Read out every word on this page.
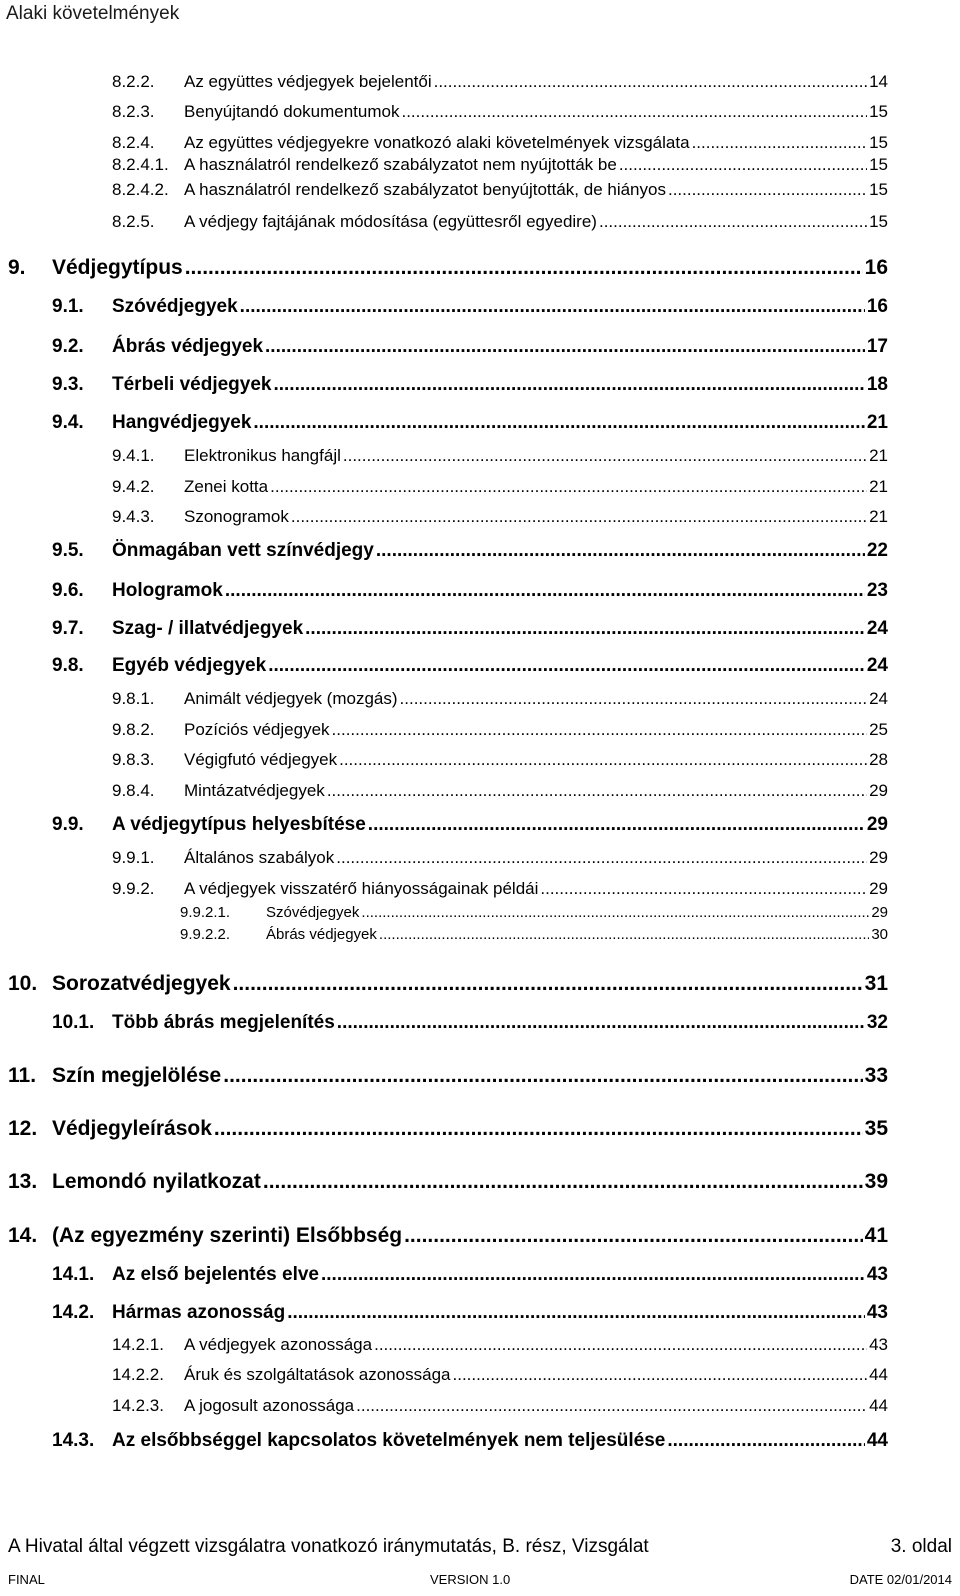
Alaki követelmények
8.2.2.	Az együttes védjegyek bejelentői .....	14
8.2.3.	Benyújtandó dokumentumok .....	15
8.2.4.	Az együttes védjegyekre vonatkozó alaki követelmények vizsgálata .....	15
8.2.4.1. A használatról rendelkező szabályzatot nem nyújtották be .....	15
8.2.4.2. A használatról rendelkező szabályzatot benyújtották, de hiányos .....	15
8.2.5.	A védjegy fajtájának módosítása (együttesről egyedire) .....	15
9.	Védjegytípus .....	16
9.1.	Szóvédjegyek .....	16
9.2.	Ábrás védjegyek .....	17
9.3.	Térbeli védjegyek .....	18
9.4.	Hangvédjegyek .....	21
9.4.1.	Elektronikus hangfájl .....	21
9.4.2.	Zenei kotta .....	21
9.4.3.	Szonogramok .....	21
9.5.	Önmagában vett színvédjegy .....	22
9.6.	Hologramok .....	23
9.7.	Szag- / illatvédjegyek .....	24
9.8.	Egyéb védjegyek .....	24
9.8.1.	Animált védjegyek (mozgás) .....	24
9.8.2.	Pozíciós védjegyek .....	25
9.8.3.	Végigfutó védjegyek .....	28
9.8.4.	Mintázatvédjegyek .....	29
9.9.	A védjegytípus helyesbítése .....	29
9.9.1.	Általános szabályok .....	29
9.9.2.	A védjegyek visszatérő hiányosságainak példái .....	29
9.9.2.1.	Szóvédjegyek .....	29
9.9.2.2.	Ábrás védjegyek .....	30
10. Sorozatvédjegyek .....	31
10.1. Több ábrás megjelenítés .....	32
11. Szín megjelölése .....	33
12. Védjegyleírások .....	35
13. Lemondó nyilatkozat .....	39
14. (Az egyezmény szerinti) Elsőbbség .....	41
14.1. Az első bejelentés elve .....	43
14.2. Hármas azonosság .....	43
14.2.1.	A védjegyek azonossága .....	43
14.2.2.	Áruk és szolgáltatások azonossága .....	44
14.2.3.	A jogosult azonossága .....	44
14.3. Az elsőbbséggel kapcsolatos követelmények nem teljesülése .....	44
A Hivatal által végzett vizsgálatra vonatkozó iránymutatás, B. rész, Vizsgálat	3. oldal
FINAL	VERSION 1.0	DATE 02/01/2014
